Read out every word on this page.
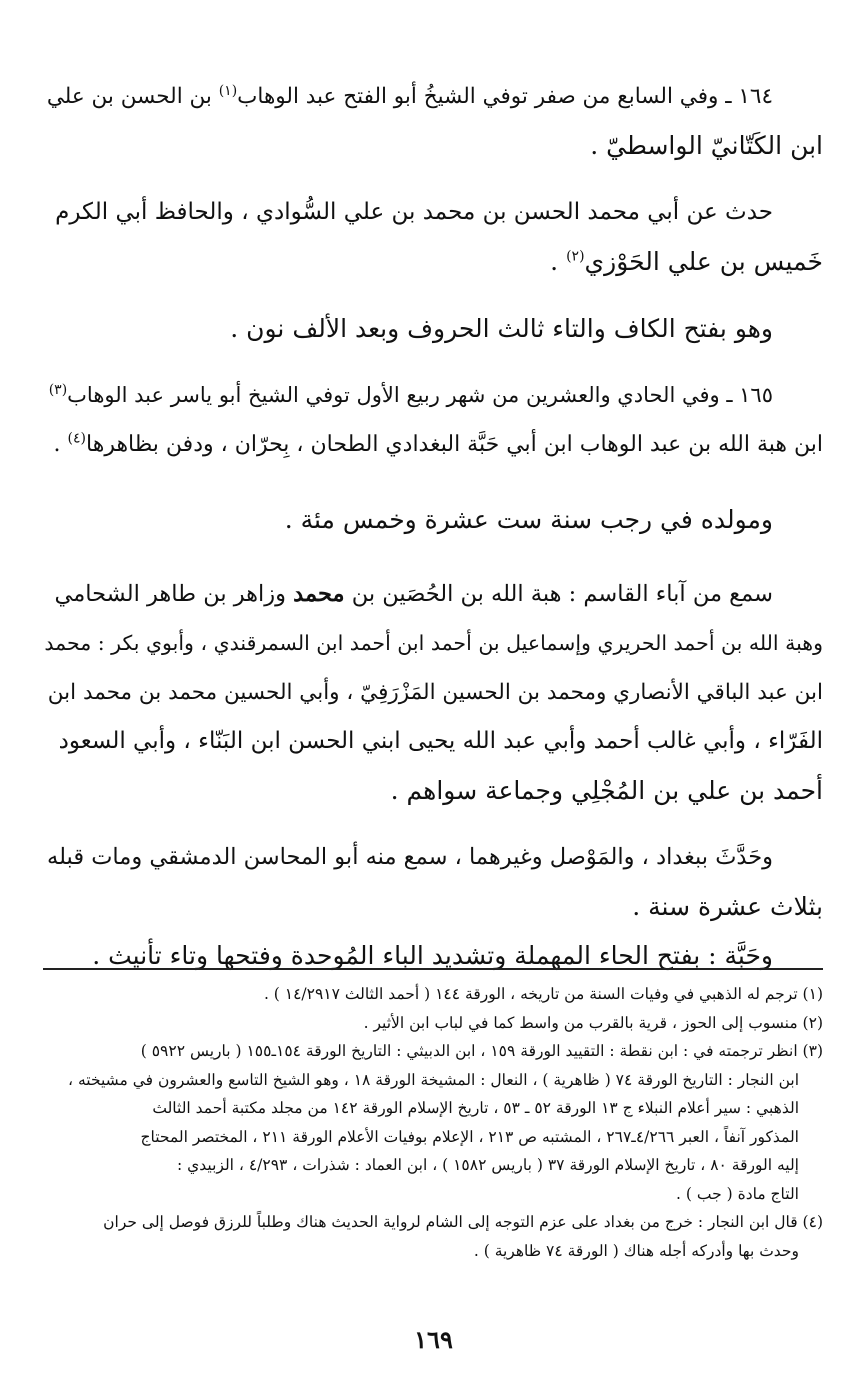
١٦٤ ـ وفي السابع من صفر توفي الشيخُ أبو الفتح عبد الوهاب$^{(١)}$ بن الحسن بن علي
ابن الكَتّانيّ الواسطيّ .
حدث عن أبي محمد الحسن بن محمد بن علي السُّوادي ، والحافظ أبي الكرم
خَميس بن علي الحَوْزي$^{(٢)}$ .
وهو بفتح الكاف والتاء ثالث الحروف وبعد الألف نون .
١٦٥ ـ وفي الحادي والعشرين من شهر ربيع الأول توفي الشيخ أبو ياسر عبد الوهاب$^{(٣)}$
ابن هبة الله بن عبد الوهاب ابن أبي حَبَّة البغدادي الطحان ، بِحرّان ، ودفن بظاهرها$^{(٤)}$ .
ومولده في رجب سنة ست عشرة وخمس مئة .
سمع من آباء القاسم : هبة الله بن الحُصَين بن محمد وزاهر بن طاهر الشحامي
وهبة الله بن أحمد الحريري وإسماعيل بن أحمد ابن أحمد ابن السمرقندي ، وأبوي بكر : محمد
ابن عبد الباقي الأنصاري ومحمد بن الحسين المَزْرَفِيّ ، وأبي الحسين محمد بن محمد ابن
الفَرّاء ، وأبي غالب أحمد وأبي عبد الله يحيى ابني الحسن ابن البَنّاء ، وأبي السعود
أحمد بن علي بن المُجْلِي وجماعة سواهم .
وحَدَّثَ ببغداد ، والمَوْصل وغيرهما ، سمع منه أبو المحاسن الدمشقي ومات قبله
بثلاث عشرة سنة .
وحَبَّة : بفتح الحاء المهملة وتشديد الباء المُوحدة وفتحها وتاء تأنيث .
(١) ترجم له الذهبي في وفيات السنة من تاريخه ، الورقة ١٤٤ ( أحمد الثالث ١٤/٢٩١٧ ) .
(٢) منسوب إلى الحوز ، قرية بالقرب من واسط كما في لباب ابن الأثير .
(٣) انظر ترجمته في : ابن نقطة : التقييد الورقة ١٥٩ ، ابن الدبيثي : التاريخ الورقة ١٥٤ـ١٥٥ ( باريس ٥٩٢٢ )
ابن النجار : التاريخ الورقة ٧٤ ( ظاهرية ) ، النعال : المشيخة الورقة ١٨ ، وهو الشيخ التاسع والعشرون في مشيخته ،
الذهبي : سير أعلام النبلاء ج ١٣ الورقة ٥٢ ـ ٥٣ ، تاريخ الإسلام الورقة ١٤٢ من مجلد مكتبة أحمد الثالث
المذكور آنفاً ، العبر ٤/٢٦٦ـ٢٦٧ ، المشتبه ص ٢١٣ ، الإعلام بوفيات الأعلام الورقة ٢١١ ، المختصر المحتاج
إليه الورقة ٨٠ ، تاريخ الإسلام الورقة ٣٧ ( باريس ١٥٨٢ ) ، ابن العماد : شذرات ، ٤/٢٩٣ ، الزبيدي :
التاج مادة ( جب ) .
(٤) قال ابن النجار : خرج من بغداد على عزم التوجه إلى الشام لرواية الحديث هناك وطلباً للرزق فوصل إلى حران
وحدث بها وأدركه أجله هناك ( الورقة ٧٤ ظاهرية ) .
١٦٩
